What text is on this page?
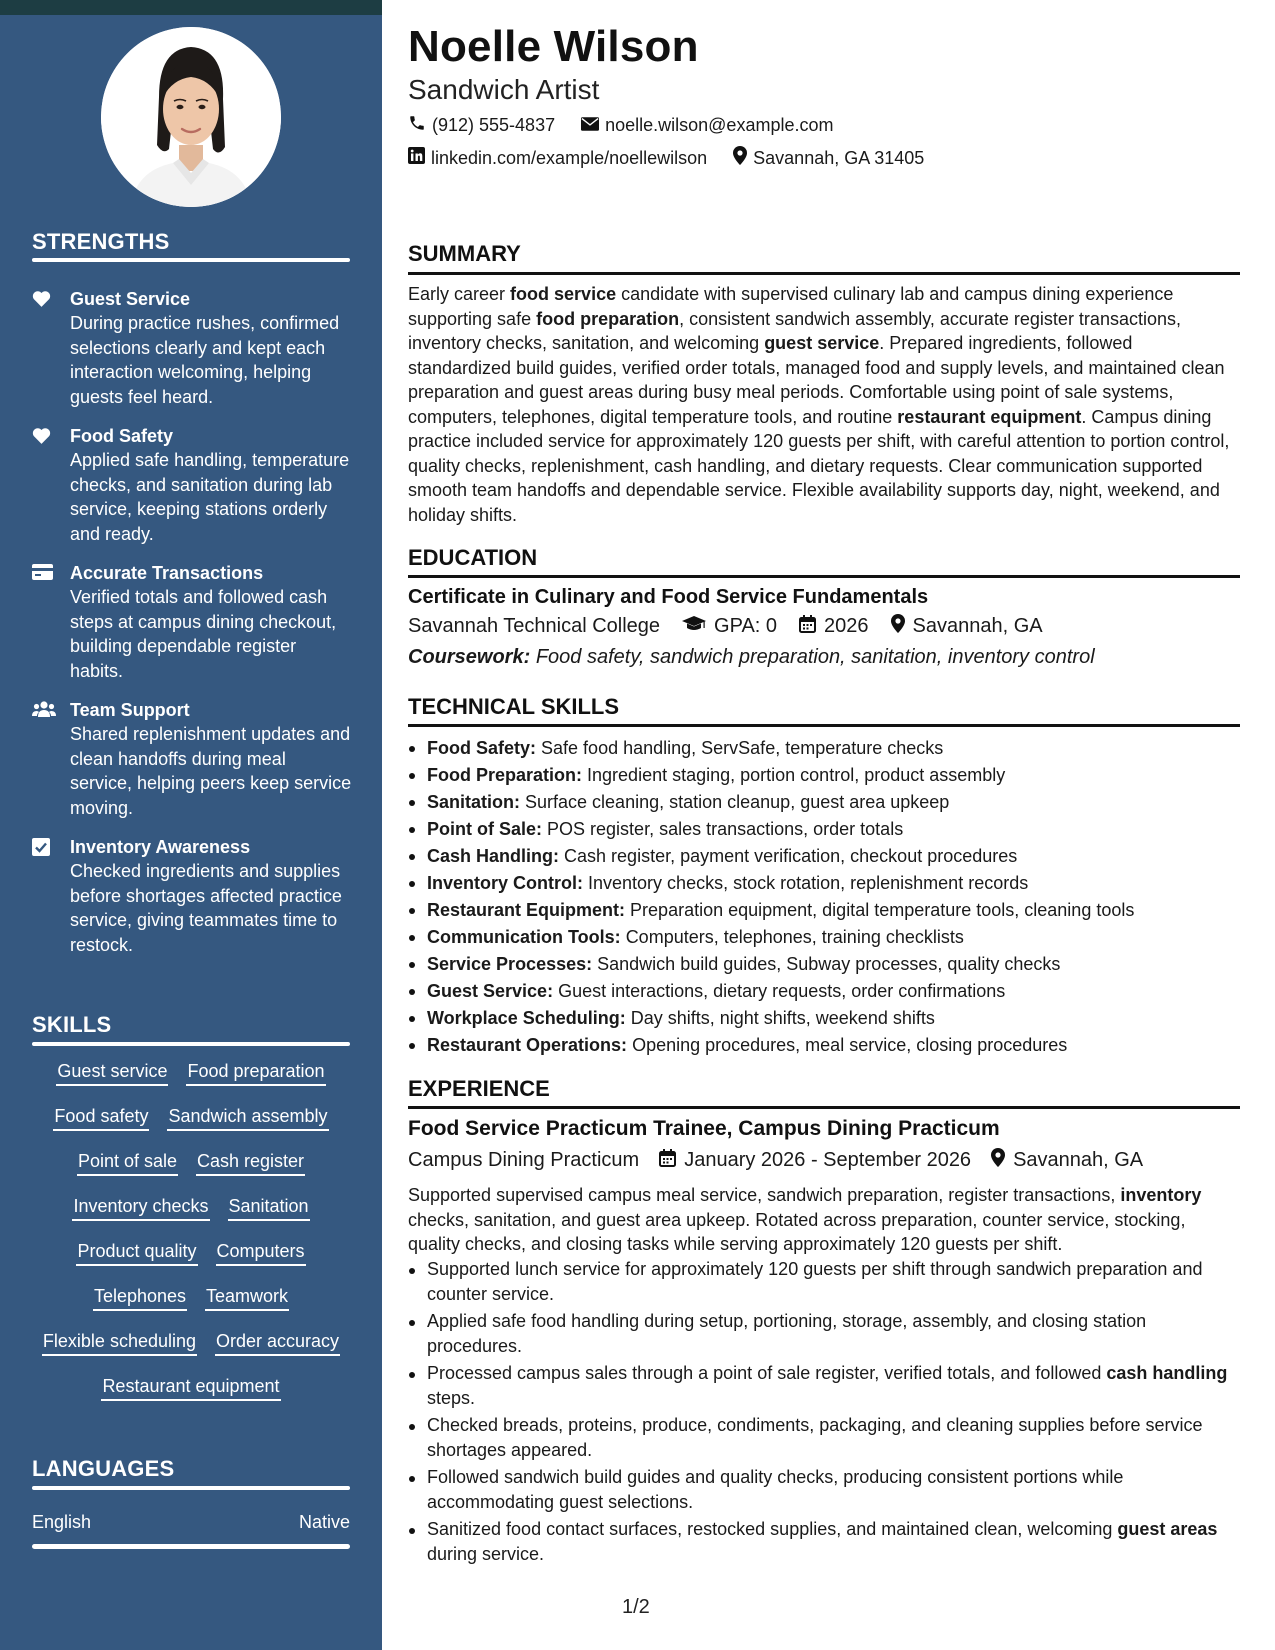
STRENGTHS
Guest Service
During practice rushes, confirmed selections clearly and kept each interaction welcoming, helping guests feel heard.
Food Safety
Applied safe handling, temperature checks, and sanitation during lab service, keeping stations orderly and ready.
Accurate Transactions
Verified totals and followed cash steps at campus dining checkout, building dependable register habits.
Team Support
Shared replenishment updates and clean handoffs during meal service, helping peers keep service moving.
Inventory Awareness
Checked ingredients and supplies before shortages affected practice service, giving teammates time to restock.
SKILLS
Guest service Food preparation
Food safety Sandwich assembly
Point of sale Cash register
Inventory checks Sanitation
Product quality Computers
Telephones Teamwork
Flexible scheduling Order accuracy
Restaurant equipment
LANGUAGES
English	Native
Noelle Wilson
Sandwich Artist
(912) 555-4837	noelle.wilson@example.com
linkedin.com/example/noellewilson	Savannah, GA 31405
SUMMARY
Early career food service candidate with supervised culinary lab and campus dining experience supporting safe food preparation, consistent sandwich assembly, accurate register transactions, inventory checks, sanitation, and welcoming guest service. Prepared ingredients, followed standardized build guides, verified order totals, managed food and supply levels, and maintained clean preparation and guest areas during busy meal periods. Comfortable using point of sale systems, computers, telephones, digital temperature tools, and routine restaurant equipment. Campus dining practice included service for approximately 120 guests per shift, with careful attention to portion control, quality checks, replenishment, cash handling, and dietary requests. Clear communication supported smooth team handoffs and dependable service. Flexible availability supports day, night, weekend, and holiday shifts.
EDUCATION
Certificate in Culinary and Food Service Fundamentals
Savannah Technical College	GPA: 0 2026 Savannah, GA
Coursework: Food safety, sandwich preparation, sanitation, inventory control
TECHNICAL SKILLS
Food Safety: Safe food handling, ServSafe, temperature checks
Food Preparation: Ingredient staging, portion control, product assembly
Sanitation: Surface cleaning, station cleanup, guest area upkeep
Point of Sale: POS register, sales transactions, order totals
Cash Handling: Cash register, payment verification, checkout procedures
Inventory Control: Inventory checks, stock rotation, replenishment records
Restaurant Equipment: Preparation equipment, digital temperature tools, cleaning tools
Communication Tools: Computers, telephones, training checklists
Service Processes: Sandwich build guides, Subway processes, quality checks
Guest Service: Guest interactions, dietary requests, order confirmations
Workplace Scheduling: Day shifts, night shifts, weekend shifts
Restaurant Operations: Opening procedures, meal service, closing procedures
EXPERIENCE
Food Service Practicum Trainee, Campus Dining Practicum
Campus Dining Practicum January 2026 - September 2026 Savannah, GA
Supported supervised campus meal service, sandwich preparation, register transactions, inventory checks, sanitation, and guest area upkeep. Rotated across preparation, counter service, stocking, quality checks, and closing tasks while serving approximately 120 guests per shift.
Supported lunch service for approximately 120 guests per shift through sandwich preparation and counter service.
Applied safe food handling during setup, portioning, storage, assembly, and closing station procedures.
Processed campus sales through a point of sale register, verified totals, and followed cash handling steps.
Checked breads, proteins, produce, condiments, packaging, and cleaning supplies before service shortages appeared.
Followed sandwich build guides and quality checks, producing consistent portions while accommodating guest selections.
Sanitized food contact surfaces, restocked supplies, and maintained clean, welcoming guest areas during service.
1/2
